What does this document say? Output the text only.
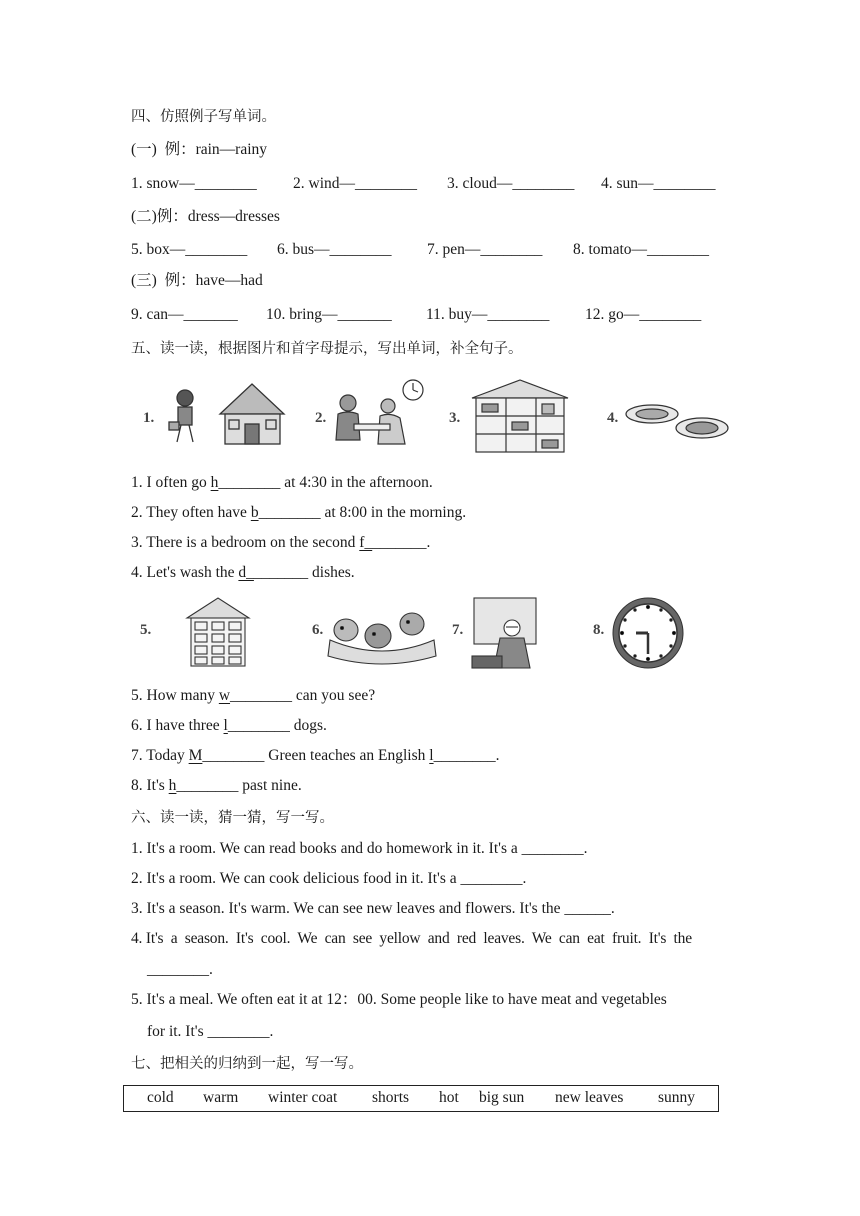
四、仿照例子写单词。
(一)  例：rain—rainy
1. snow—________ 2. wind—________ 3. cloud—________ 4. sun—________
(二)例：dress—dresses
5. box—________ 6. bus—________ 7. pen—________ 8. tomato—________
(三)  例：have—had
9. can—_______ 10. bring—_______ 11. buy—________ 12. go—________
五、读一读，根据图片和首字母提示，写出单词，补全句子。
1.	2.	3.	4.
1. I often go h________ at 4:30 in the afternoon.
2. They often have b________ at 8:00 in the morning.
3. There is a bedroom on the second f________.
4. Let's wash the d________ dishes.
5.	6.	7.	8.
5. How many w________ can you see?
6. I have three l________ dogs.
7. Today M________ Green teaches an English l________.
8. It's h________ past nine.
六、读一读，猜一猜，写一写。
1. It's a room. We can read books and do homework in it. It's a ________.
2. It's a room. We can cook delicious food in it. It's a ________.
3. It's a season. It's warm. We can see new leaves and flowers. It's the ______.
4. It's  a  season.  It's  cool.  We  can  see  yellow  and  red  leaves.  We  can  eat  fruit.  It's  the
________.
5. It's a meal. We often eat it at 12：00. Some people like to have meat and vegetables
for it. It's ________.
七、把相关的归纳到一起，写一写。
cold warm winter coat shorts hot big sun new leaves sunny
